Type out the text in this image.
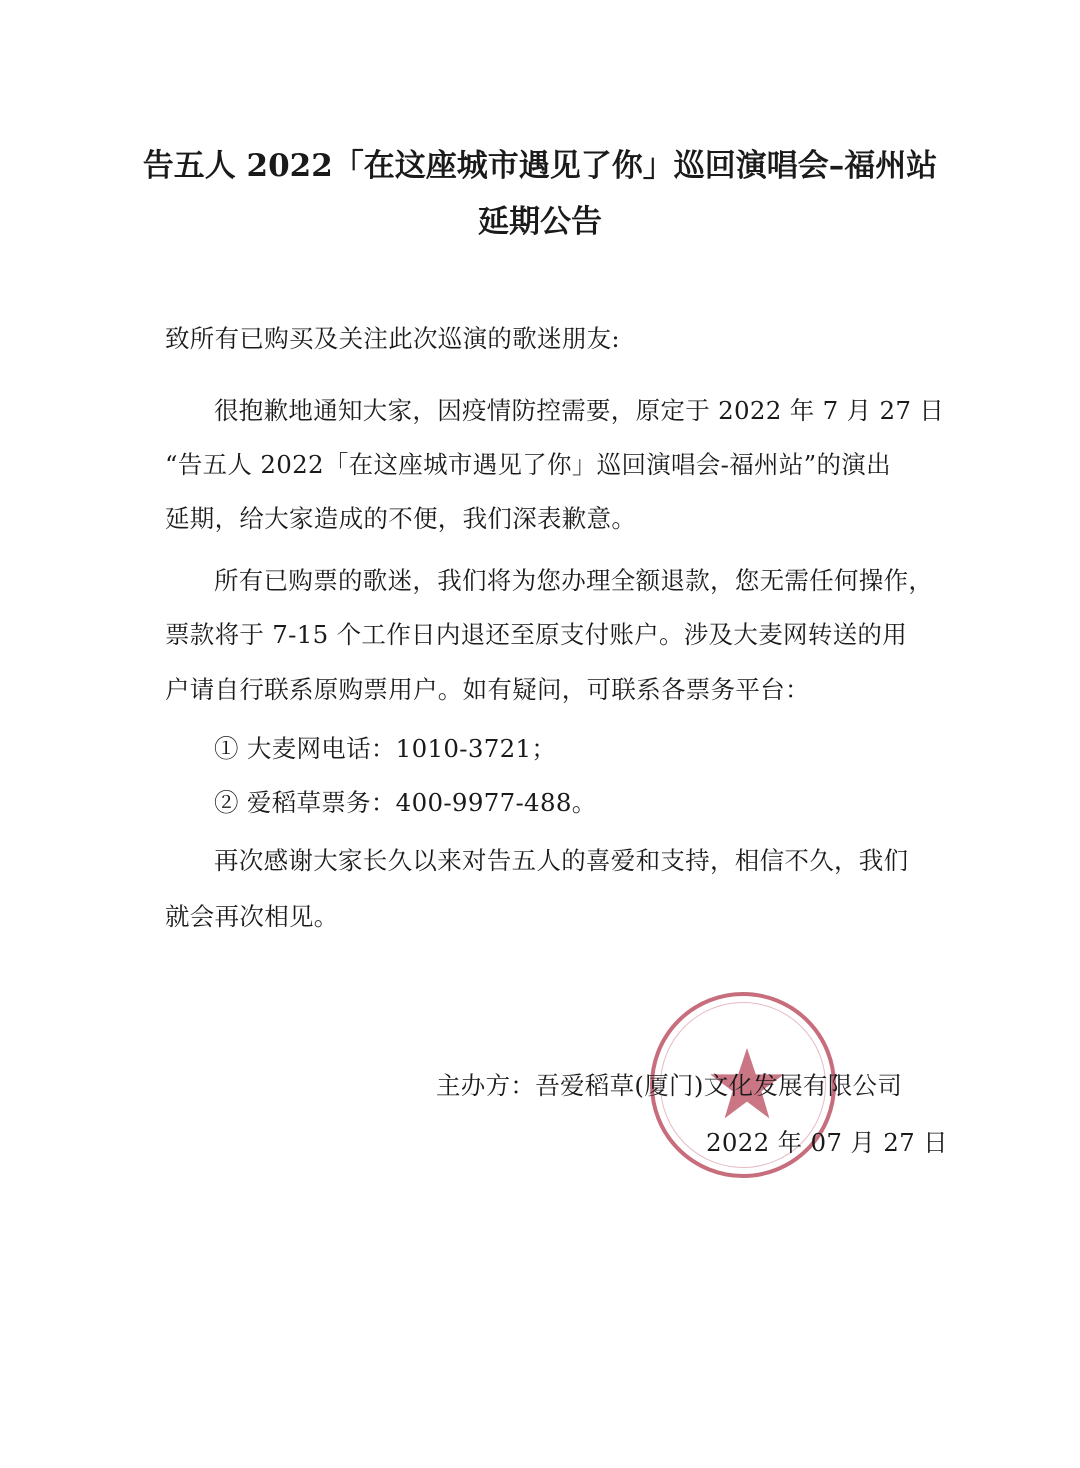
告五人 2022「在这座城市遇见了你」巡回演唱会–福州站
延期公告
致所有已购买及关注此次巡演的歌迷朋友:
很抱歉地通知大家，因疫情防控需要，原定于 2022 年 7 月 27 日
“告五人 2022「在这座城市遇见了你」巡回演唱会-福州站”的演出
延期，给大家造成的不便，我们深表歉意。
所有已购票的歌迷，我们将为您办理全额退款，您无需任何操作，
票款将于 7-15 个工作日内退还至原支付账户。涉及大麦网转送的用
户请自行联系原购票用户。如有疑问，可联系各票务平台：
① 大麦网电话：1010-3721；
② 爱稻草票务：400-9977-488。
再次感谢大家长久以来对告五人的喜爱和支持，相信不久，我们
就会再次相见。
主办方：吾爱稻草(厦门)文化发展有限公司
2022 年 07 月 27 日
